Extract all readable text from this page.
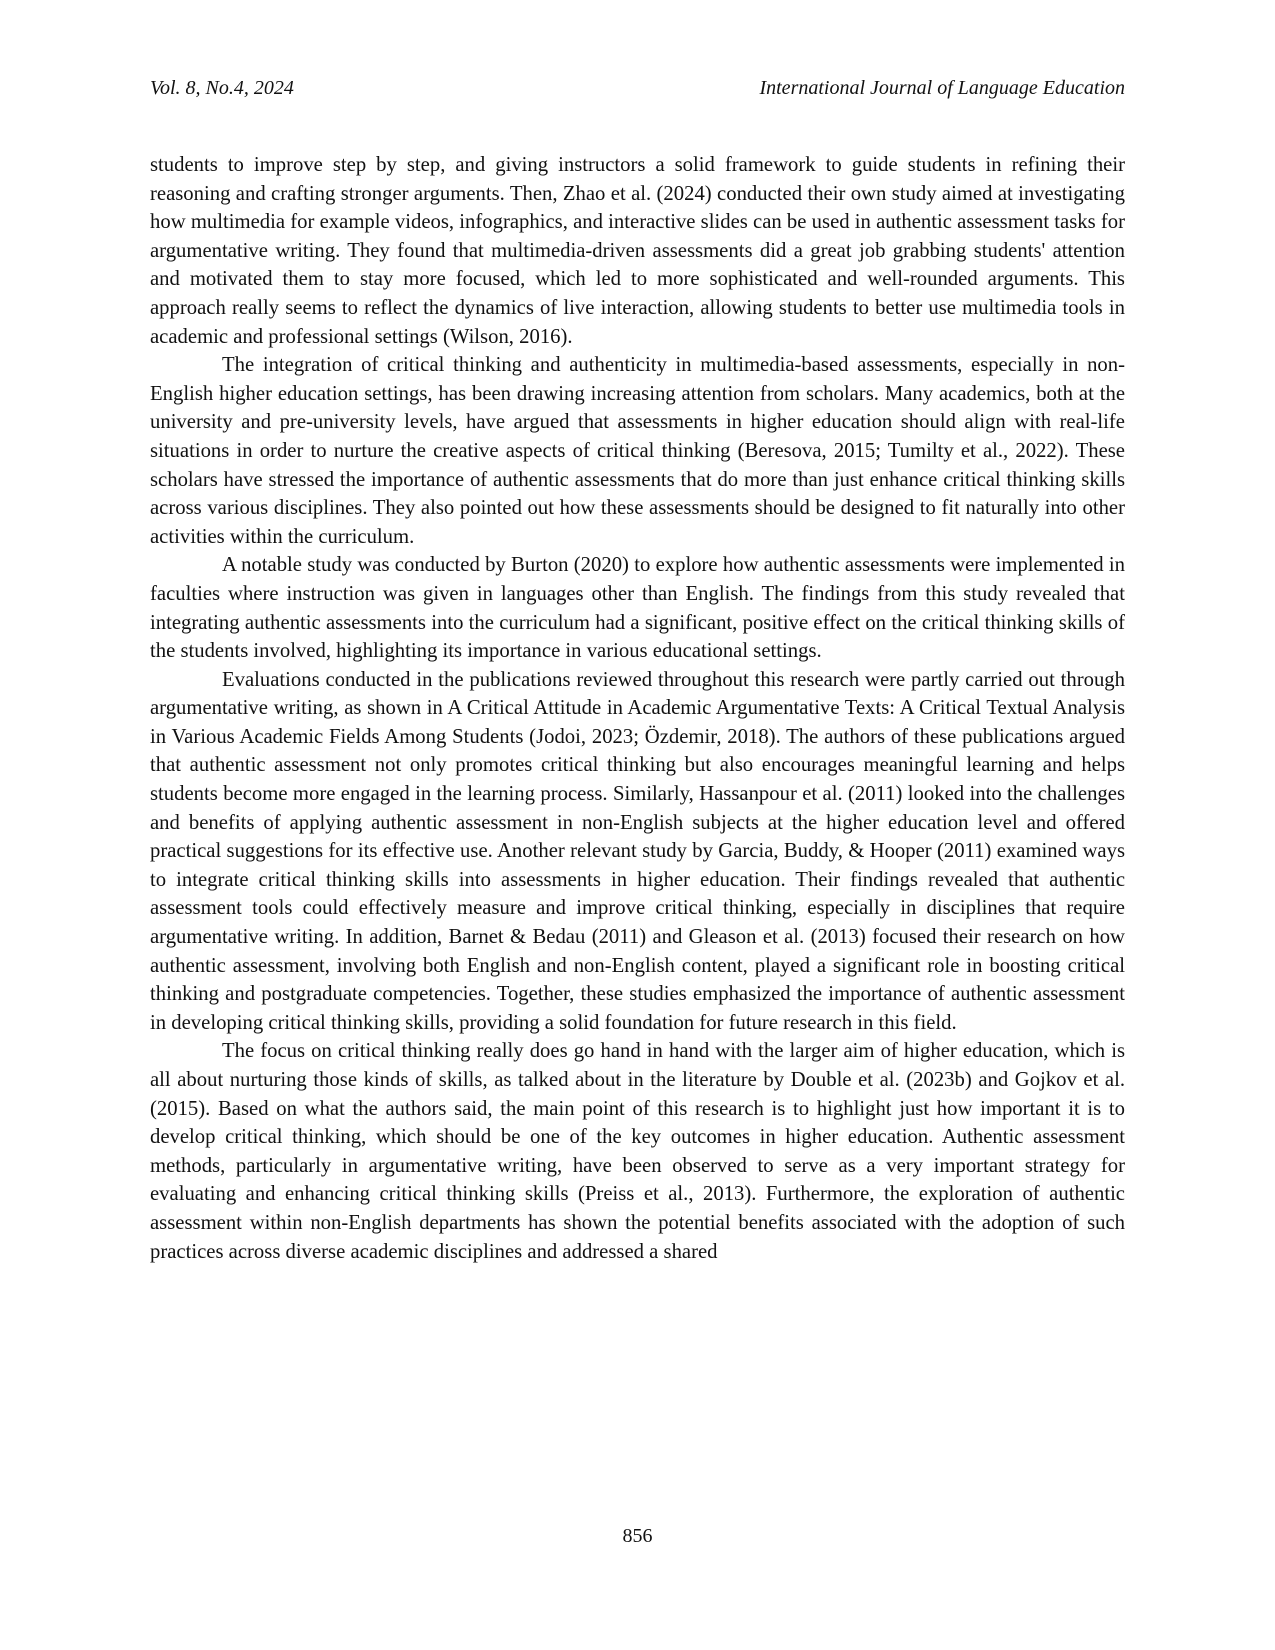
Vol. 8, No.4, 2024	International Journal of Language Education

students to improve step by step, and giving instructors a solid framework to guide students in refining their reasoning and crafting stronger arguments. Then, Zhao et al. (2024) conducted their own study aimed at investigating how multimedia for example videos, infographics, and interactive slides can be used in authentic assessment tasks for argumentative writing. They found that multimedia-driven assessments did a great job grabbing students' attention and motivated them to stay more focused, which led to more sophisticated and well-rounded arguments. This approach really seems to reflect the dynamics of live interaction, allowing students to better use multimedia tools in academic and professional settings (Wilson, 2016).

The integration of critical thinking and authenticity in multimedia-based assessments, especially in non-English higher education settings, has been drawing increasing attention from scholars. Many academics, both at the university and pre-university levels, have argued that assessments in higher education should align with real-life situations in order to nurture the creative aspects of critical thinking (Beresova, 2015; Tumilty et al., 2022). These scholars have stressed the importance of authentic assessments that do more than just enhance critical thinking skills across various disciplines. They also pointed out how these assessments should be designed to fit naturally into other activities within the curriculum.

A notable study was conducted by Burton (2020) to explore how authentic assessments were implemented in faculties where instruction was given in languages other than English. The findings from this study revealed that integrating authentic assessments into the curriculum had a significant, positive effect on the critical thinking skills of the students involved, highlighting its importance in various educational settings.

Evaluations conducted in the publications reviewed throughout this research were partly carried out through argumentative writing, as shown in A Critical Attitude in Academic Argumentative Texts: A Critical Textual Analysis in Various Academic Fields Among Students (Jodoi, 2023; Özdemir, 2018). The authors of these publications argued that authentic assessment not only promotes critical thinking but also encourages meaningful learning and helps students become more engaged in the learning process. Similarly, Hassanpour et al. (2011) looked into the challenges and benefits of applying authentic assessment in non-English subjects at the higher education level and offered practical suggestions for its effective use. Another relevant study by Garcia, Buddy, & Hooper (2011) examined ways to integrate critical thinking skills into assessments in higher education. Their findings revealed that authentic assessment tools could effectively measure and improve critical thinking, especially in disciplines that require argumentative writing. In addition, Barnet & Bedau (2011) and Gleason et al. (2013) focused their research on how authentic assessment, involving both English and non-English content, played a significant role in boosting critical thinking and postgraduate competencies. Together, these studies emphasized the importance of authentic assessment in developing critical thinking skills, providing a solid foundation for future research in this field.

The focus on critical thinking really does go hand in hand with the larger aim of higher education, which is all about nurturing those kinds of skills, as talked about in the literature by Double et al. (2023b) and Gojkov et al. (2015). Based on what the authors said, the main point of this research is to highlight just how important it is to develop critical thinking, which should be one of the key outcomes in higher education. Authentic assessment methods, particularly in argumentative writing, have been observed to serve as a very important strategy for evaluating and enhancing critical thinking skills (Preiss et al., 2013). Furthermore, the exploration of authentic assessment within non-English departments has shown the potential benefits associated with the adoption of such practices across diverse academic disciplines and addressed a shared

856
